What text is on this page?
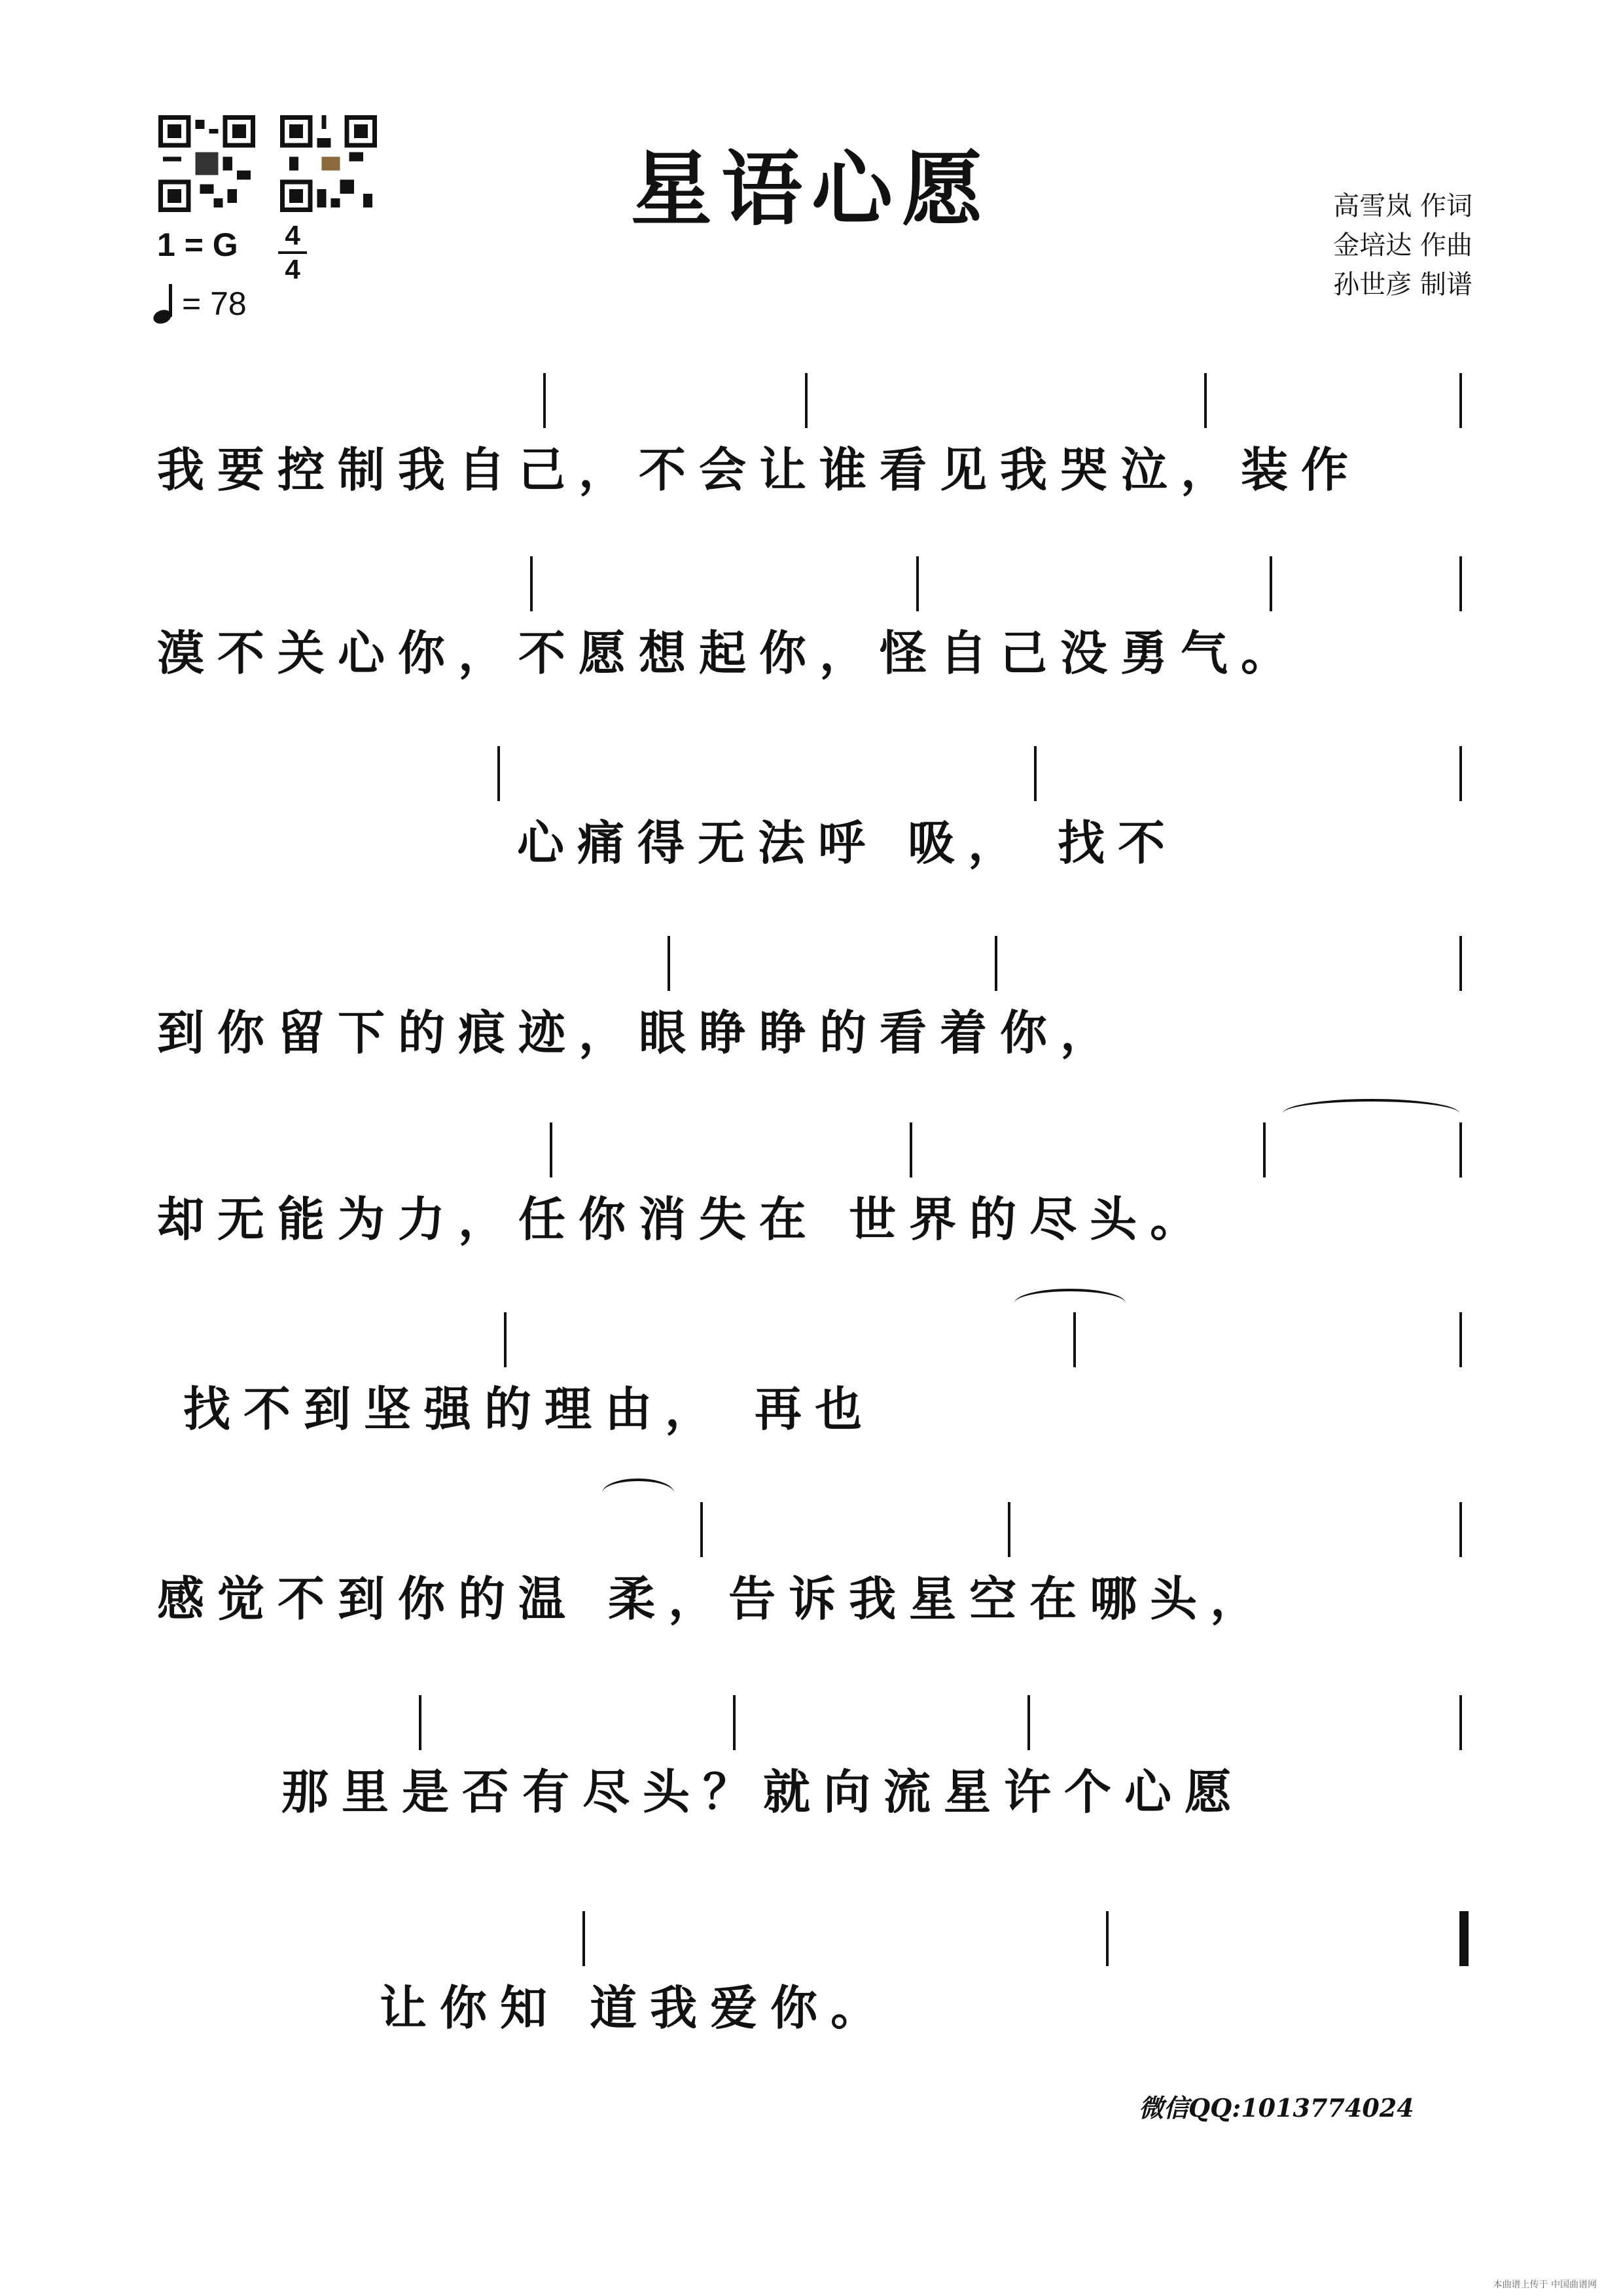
星语心愿	高雪岚 作词
金培达 作曲
孙世彦 制谱
1 = G 4
4
= 78
我要控制我自己，不会让谁看见我哭泣，装作
漠不关心你，不愿想起你，怪自己没勇气。
心痛得无法呼 吸， 找不
到你留下的痕迹，眼睁睁的看着你，
却无能为力，任你消失在 世界的尽头。
找不到坚强的理由， 再也
感觉不到你的温 柔，告诉我星空在哪头，
那里是否有尽头？就向流星许个心愿
让你知 道我爱你。
微信QQ:1013774024
本曲谱上传于 中国曲谱网
